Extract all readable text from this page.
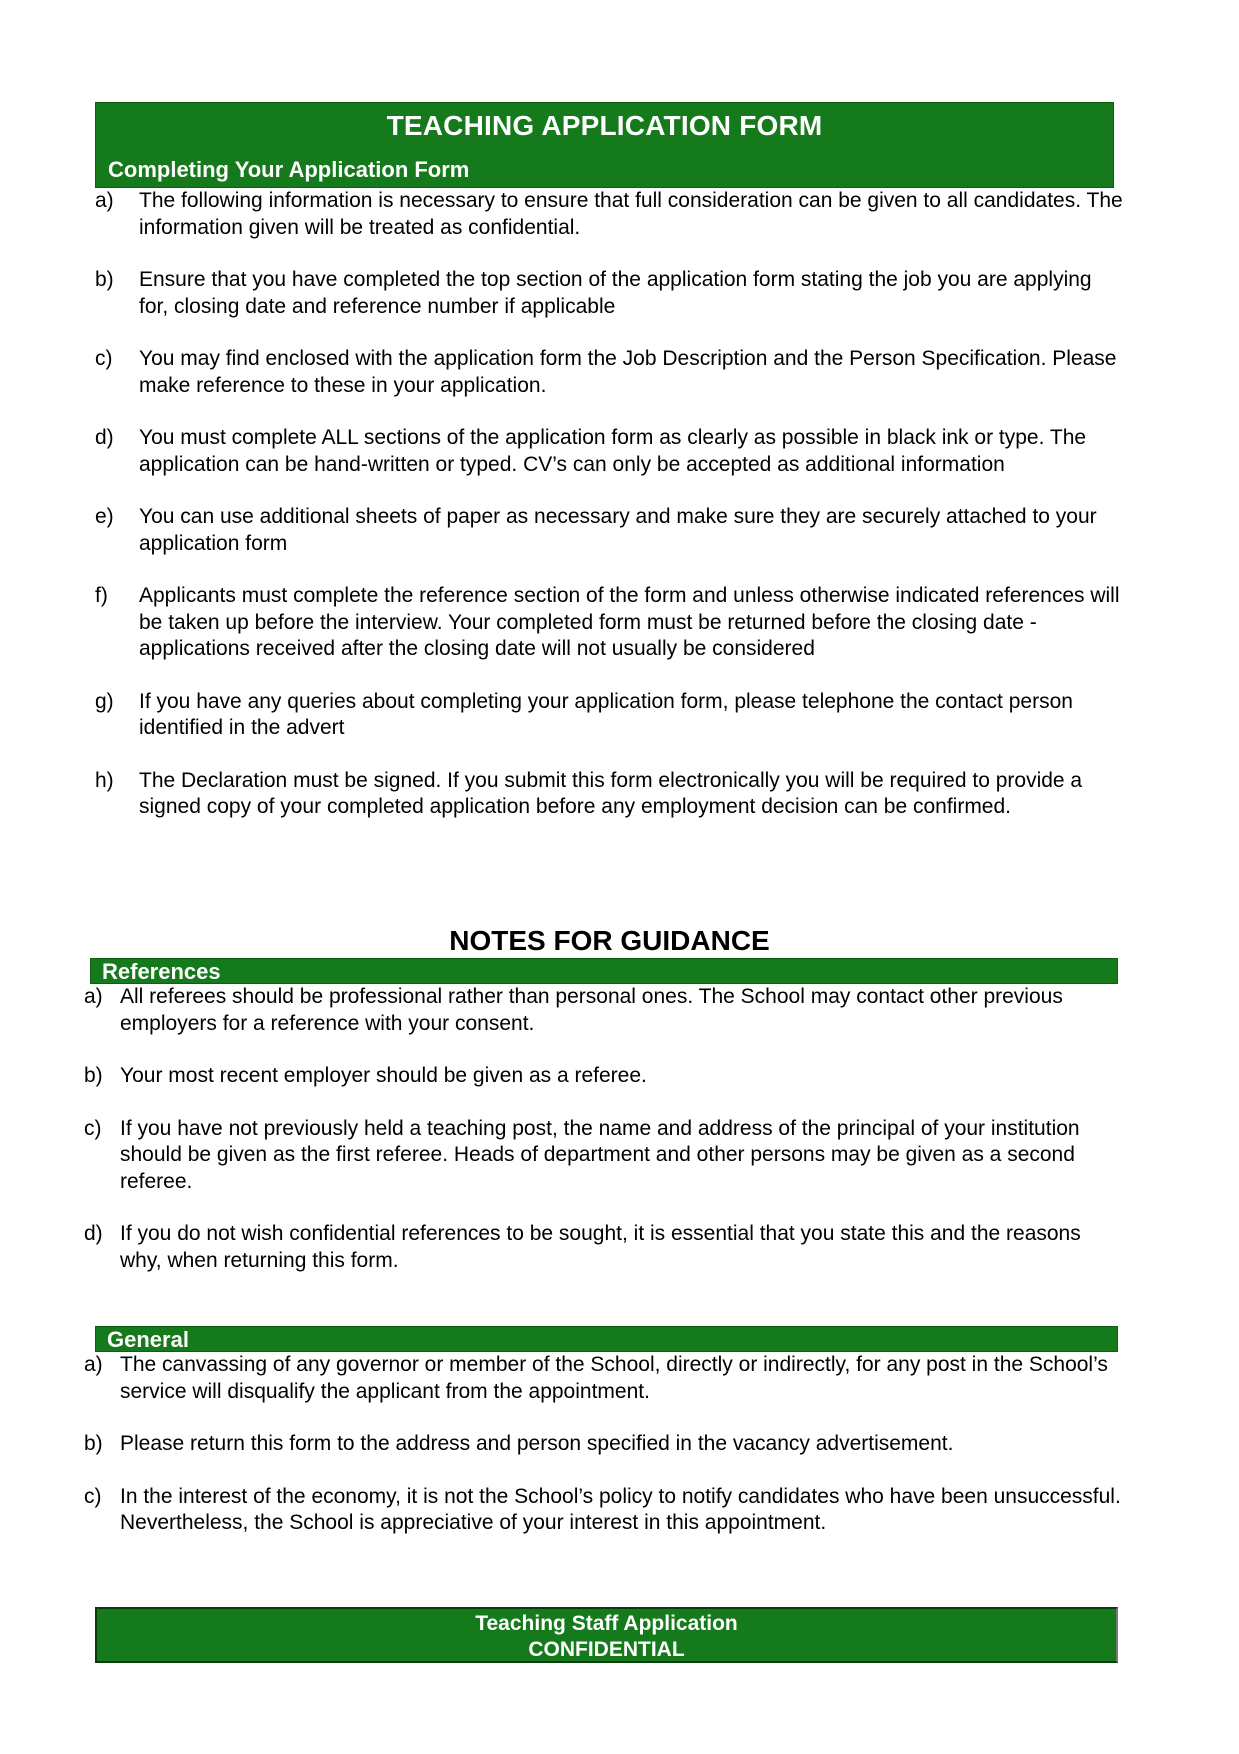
TEACHING APPLICATION FORM
Completing Your Application Form
a) The following information is necessary to ensure that full consideration can be given to all candidates. The information given will be treated as confidential.
b) Ensure that you have completed the top section of the application form stating the job you are applying for, closing date and reference number if applicable
c) You may find enclosed with the application form the Job Description and the Person Specification. Please make reference to these in your application.
d) You must complete ALL sections of the application form as clearly as possible in black ink or type. The application can be hand-written or typed. CV’s can only be accepted as additional information
e) You can use additional sheets of paper as necessary and make sure they are securely attached to your application form
f) Applicants must complete the reference section of the form and unless otherwise indicated references will be taken up before the interview. Your completed form must be returned before the closing date - applications received after the closing date will not usually be considered
g) If you have any queries about completing your application form, please telephone the contact person identified in the advert
h) The Declaration must be signed. If you submit this form electronically you will be required to provide a signed copy of your completed application before any employment decision can be confirmed.
NOTES FOR GUIDANCE
References
a) All referees should be professional rather than personal ones. The School may contact other previous employers for a reference with your consent.
b) Your most recent employer should be given as a referee.
c) If you have not previously held a teaching post, the name and address of the principal of your institution should be given as the first referee. Heads of department and other persons may be given as a second referee.
d) If you do not wish confidential references to be sought, it is essential that you state this and the reasons why, when returning this form.
General
a) The canvassing of any governor or member of the School, directly or indirectly, for any post in the School’s service will disqualify the applicant from the appointment.
b) Please return this form to the address and person specified in the vacancy advertisement.
c) In the interest of the economy, it is not the School’s policy to notify candidates who have been unsuccessful. Nevertheless, the School is appreciative of your interest in this appointment.
Teaching Staff Application
CONFIDENTIAL
